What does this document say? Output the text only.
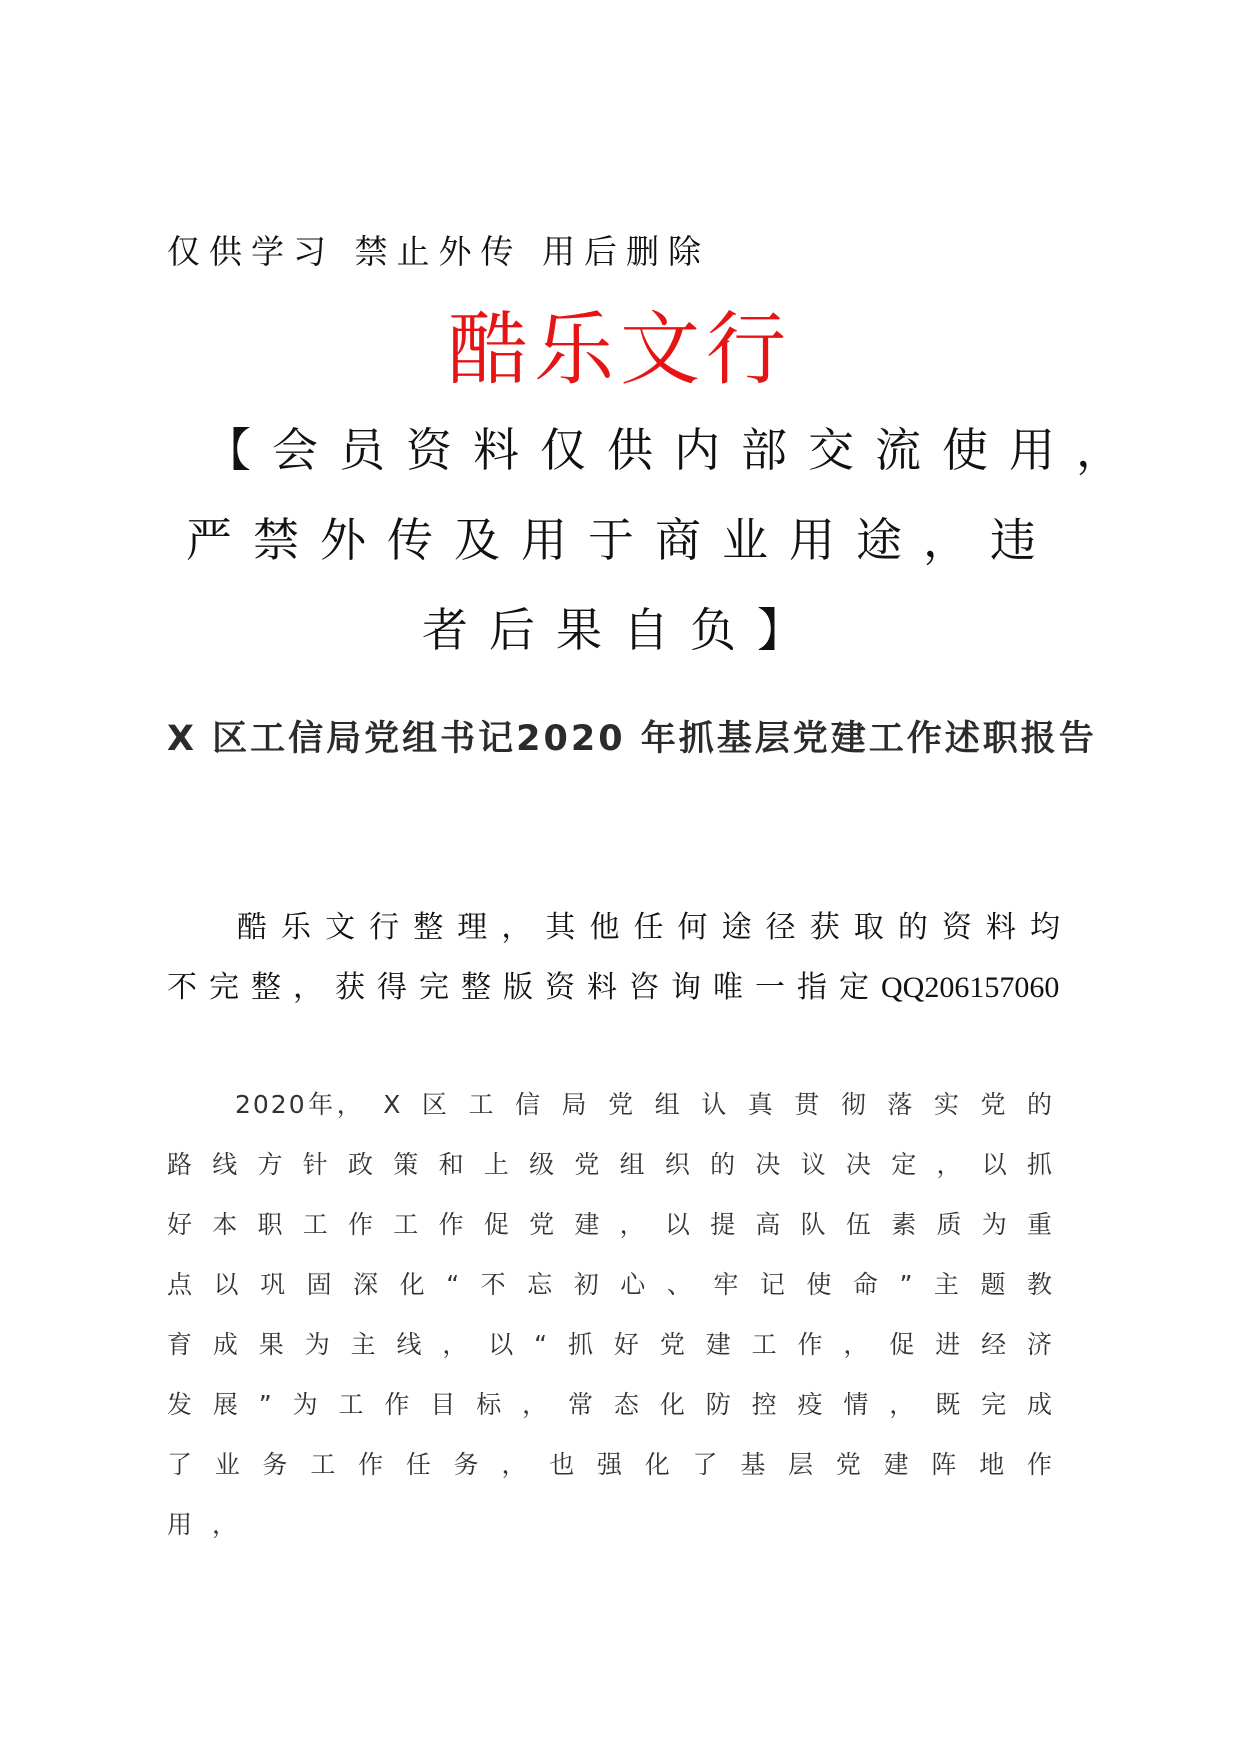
仅供学习 禁止外传 用后删除
酷乐文行
【会员资料仅供内部交流使用，
严禁外传及用于商业用途，违
者后果自负】
X 区工信局党组书记2020 年抓基层党建工作述职报告
酷乐文行整理，其他任何途径获取的资料均不完整，获得完整版资料咨询唯一指定QQ206157060
2020年，X区工信局党组认真贯彻落实党的路线方针政策和上级党组织的决议决定，以抓好本职工作工作促党建，以提高队伍素质为重点以巩固深化“不忘初心、牢记使命”主题教育成果为主线，以“抓好党建工作，促进经济发展”为工作目标，常态化防控疫情，既完成了业务工作任务，也强化了基层党建阵地作用，
